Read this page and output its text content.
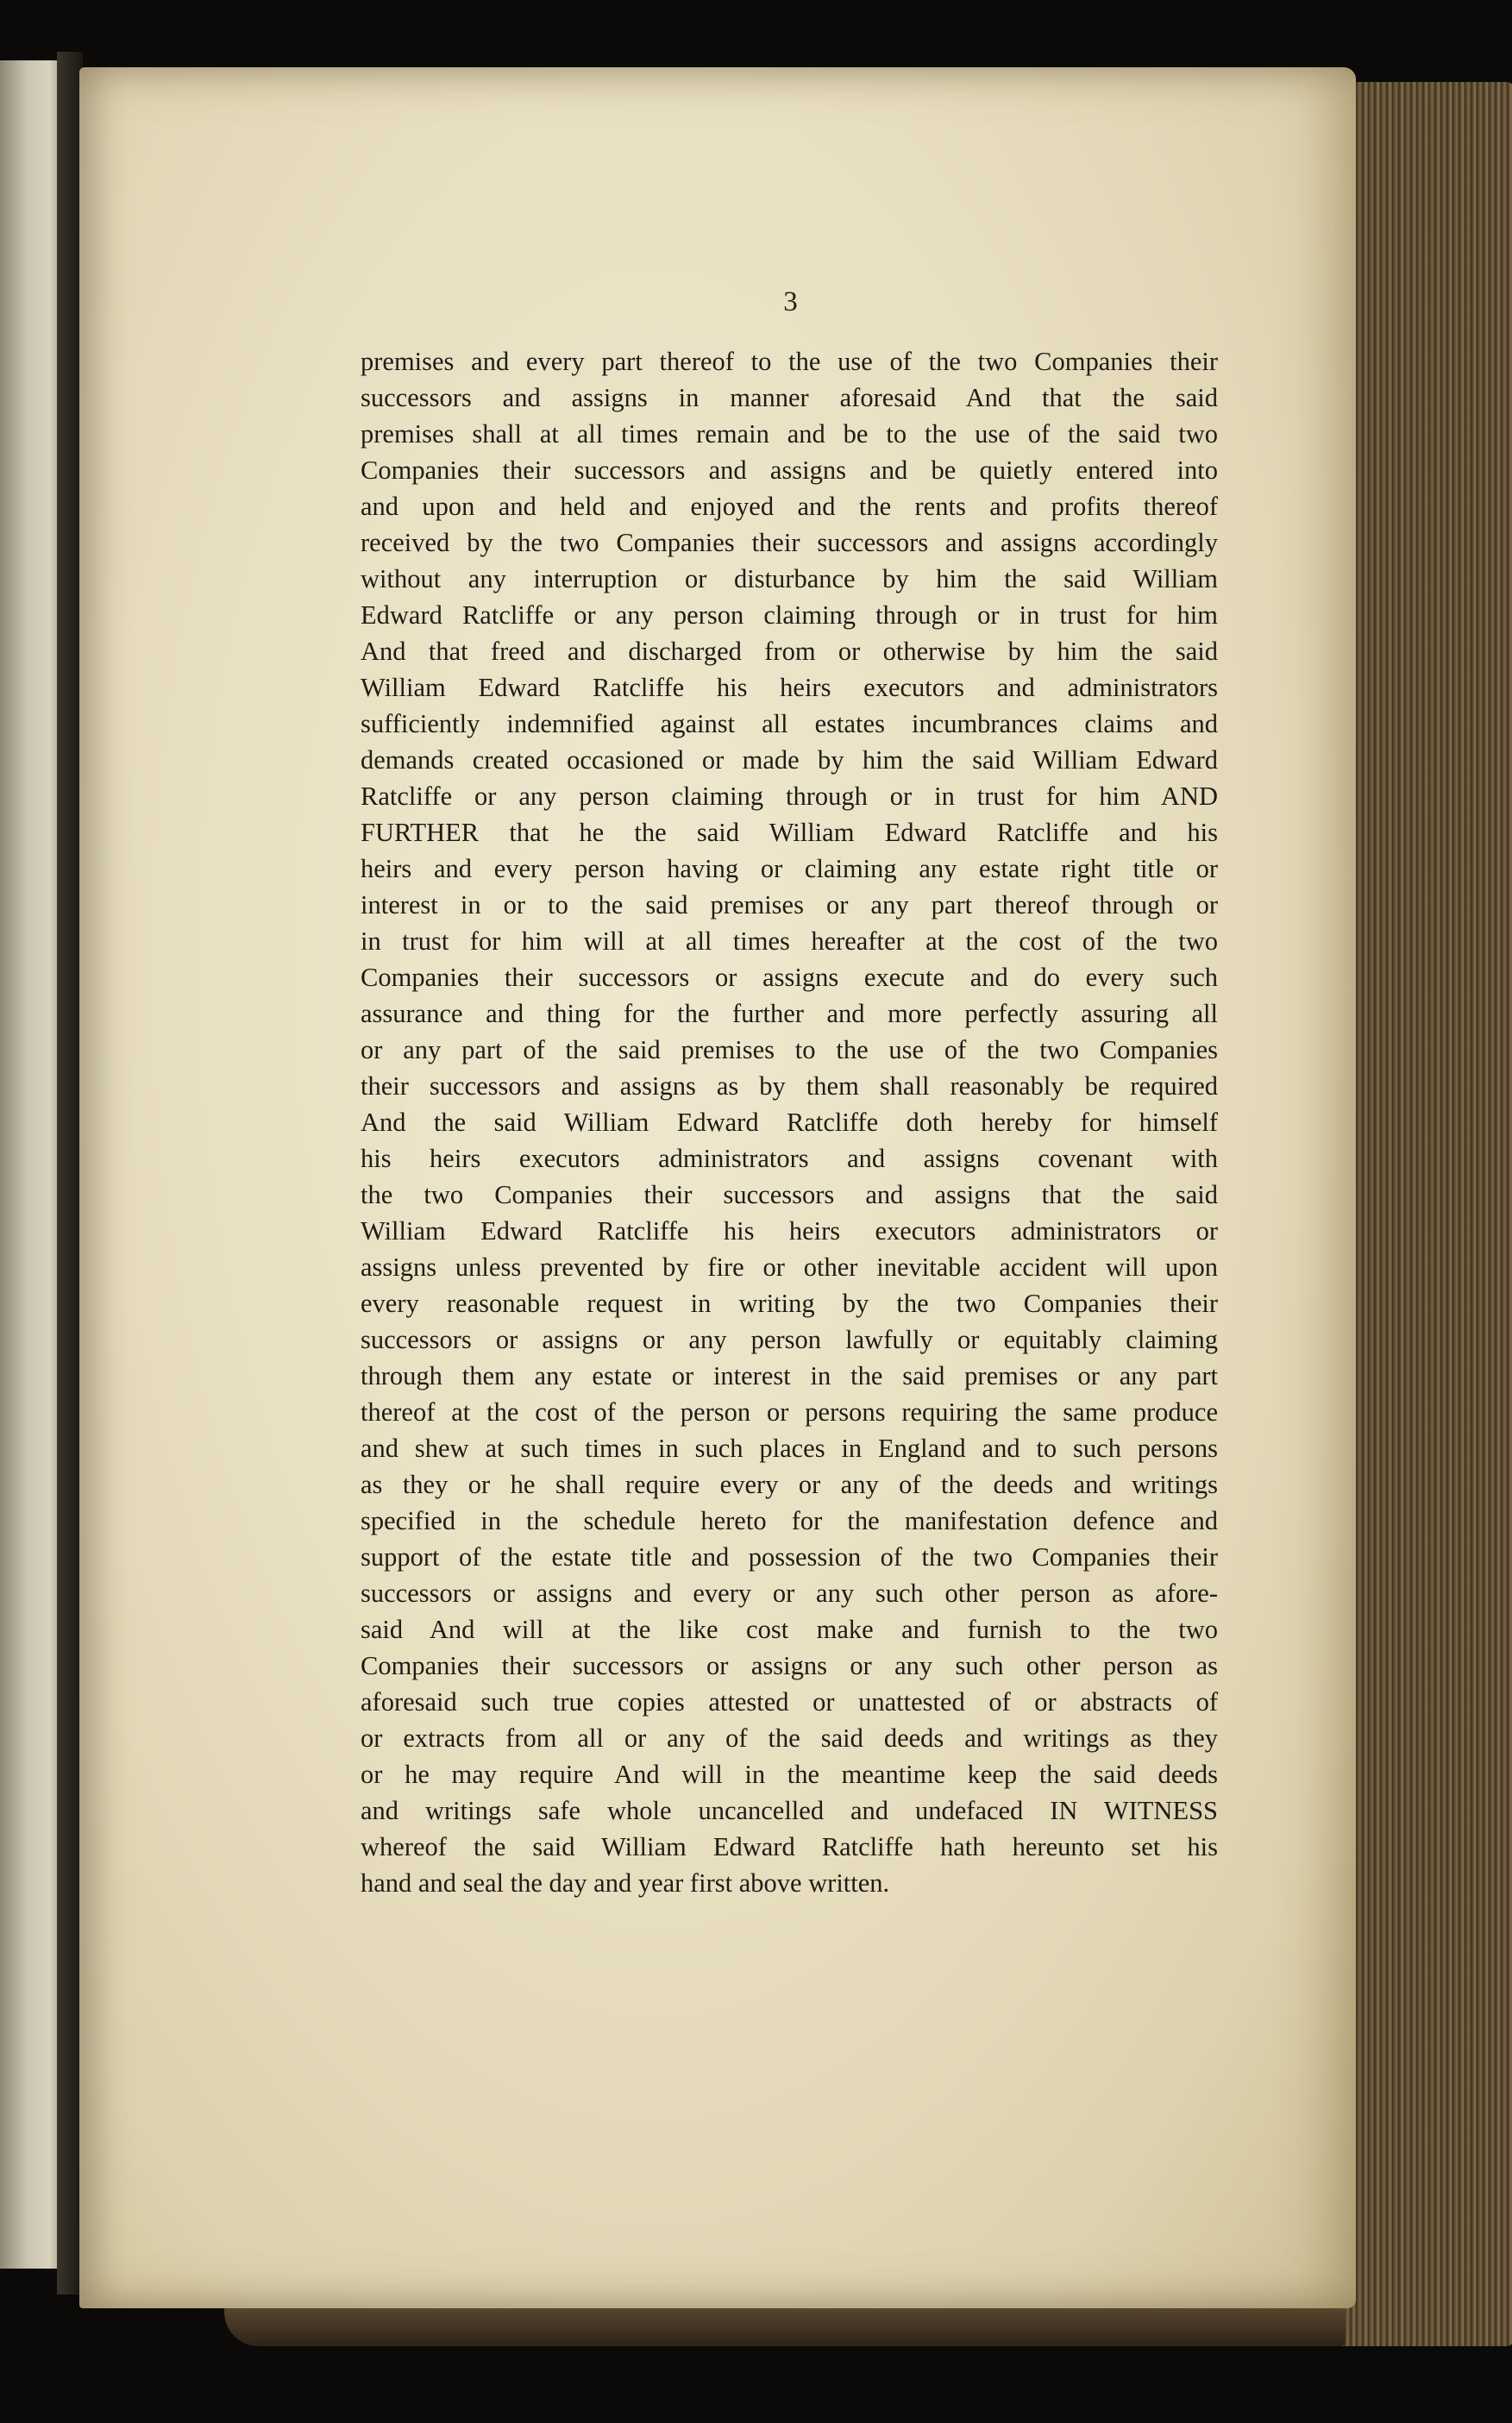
3
premises and every part thereof to the use of the two Companies their
successors and assigns in manner aforesaid And that the said
premises shall at all times remain and be to the use of the said two
Companies their successors and assigns and be quietly entered into
and upon and held and enjoyed and the rents and profits thereof
received by the two Companies their successors and assigns accordingly
without any interruption or disturbance by him the said William
Edward Ratcliffe or any person claiming through or in trust for him
And that freed and discharged from or otherwise by him the said
William Edward Ratcliffe his heirs executors and administrators
sufficiently indemnified against all estates incumbrances claims and
demands created occasioned or made by him the said William Edward
Ratcliffe or any person claiming through or in trust for him AND
FURTHER that he the said William Edward Ratcliffe and his
heirs and every person having or claiming any estate right title or
interest in or to the said premises or any part thereof through or
in trust for him will at all times hereafter at the cost of the two
Companies their successors or assigns execute and do every such
assurance and thing for the further and more perfectly assuring all
or any part of the said premises to the use of the two Companies
their successors and assigns as by them shall reasonably be required
And the said William Edward Ratcliffe doth hereby for himself
his heirs executors administrators and assigns covenant with
the two Companies their successors and assigns that the said
William Edward Ratcliffe his heirs executors administrators or
assigns unless prevented by fire or other inevitable accident will upon
every reasonable request in writing by the two Companies their
successors or assigns or any person lawfully or equitably claiming
through them any estate or interest in the said premises or any part
thereof at the cost of the person or persons requiring the same produce
and shew at such times in such places in England and to such persons
as they or he shall require every or any of the deeds and writings
specified in the schedule hereto for the manifestation defence and
support of the estate title and possession of the two Companies their
successors or assigns and every or any such other person as afore-
said And will at the like cost make and furnish to the two
Companies their successors or assigns or any such other person as
aforesaid such true copies attested or unattested of or abstracts of
or extracts from all or any of the said deeds and writings as they
or he may require And will in the meantime keep the said deeds
and writings safe whole uncancelled and undefaced IN WITNESS
whereof the said William Edward Ratcliffe hath hereunto set his
hand and seal the day and year first above written.
